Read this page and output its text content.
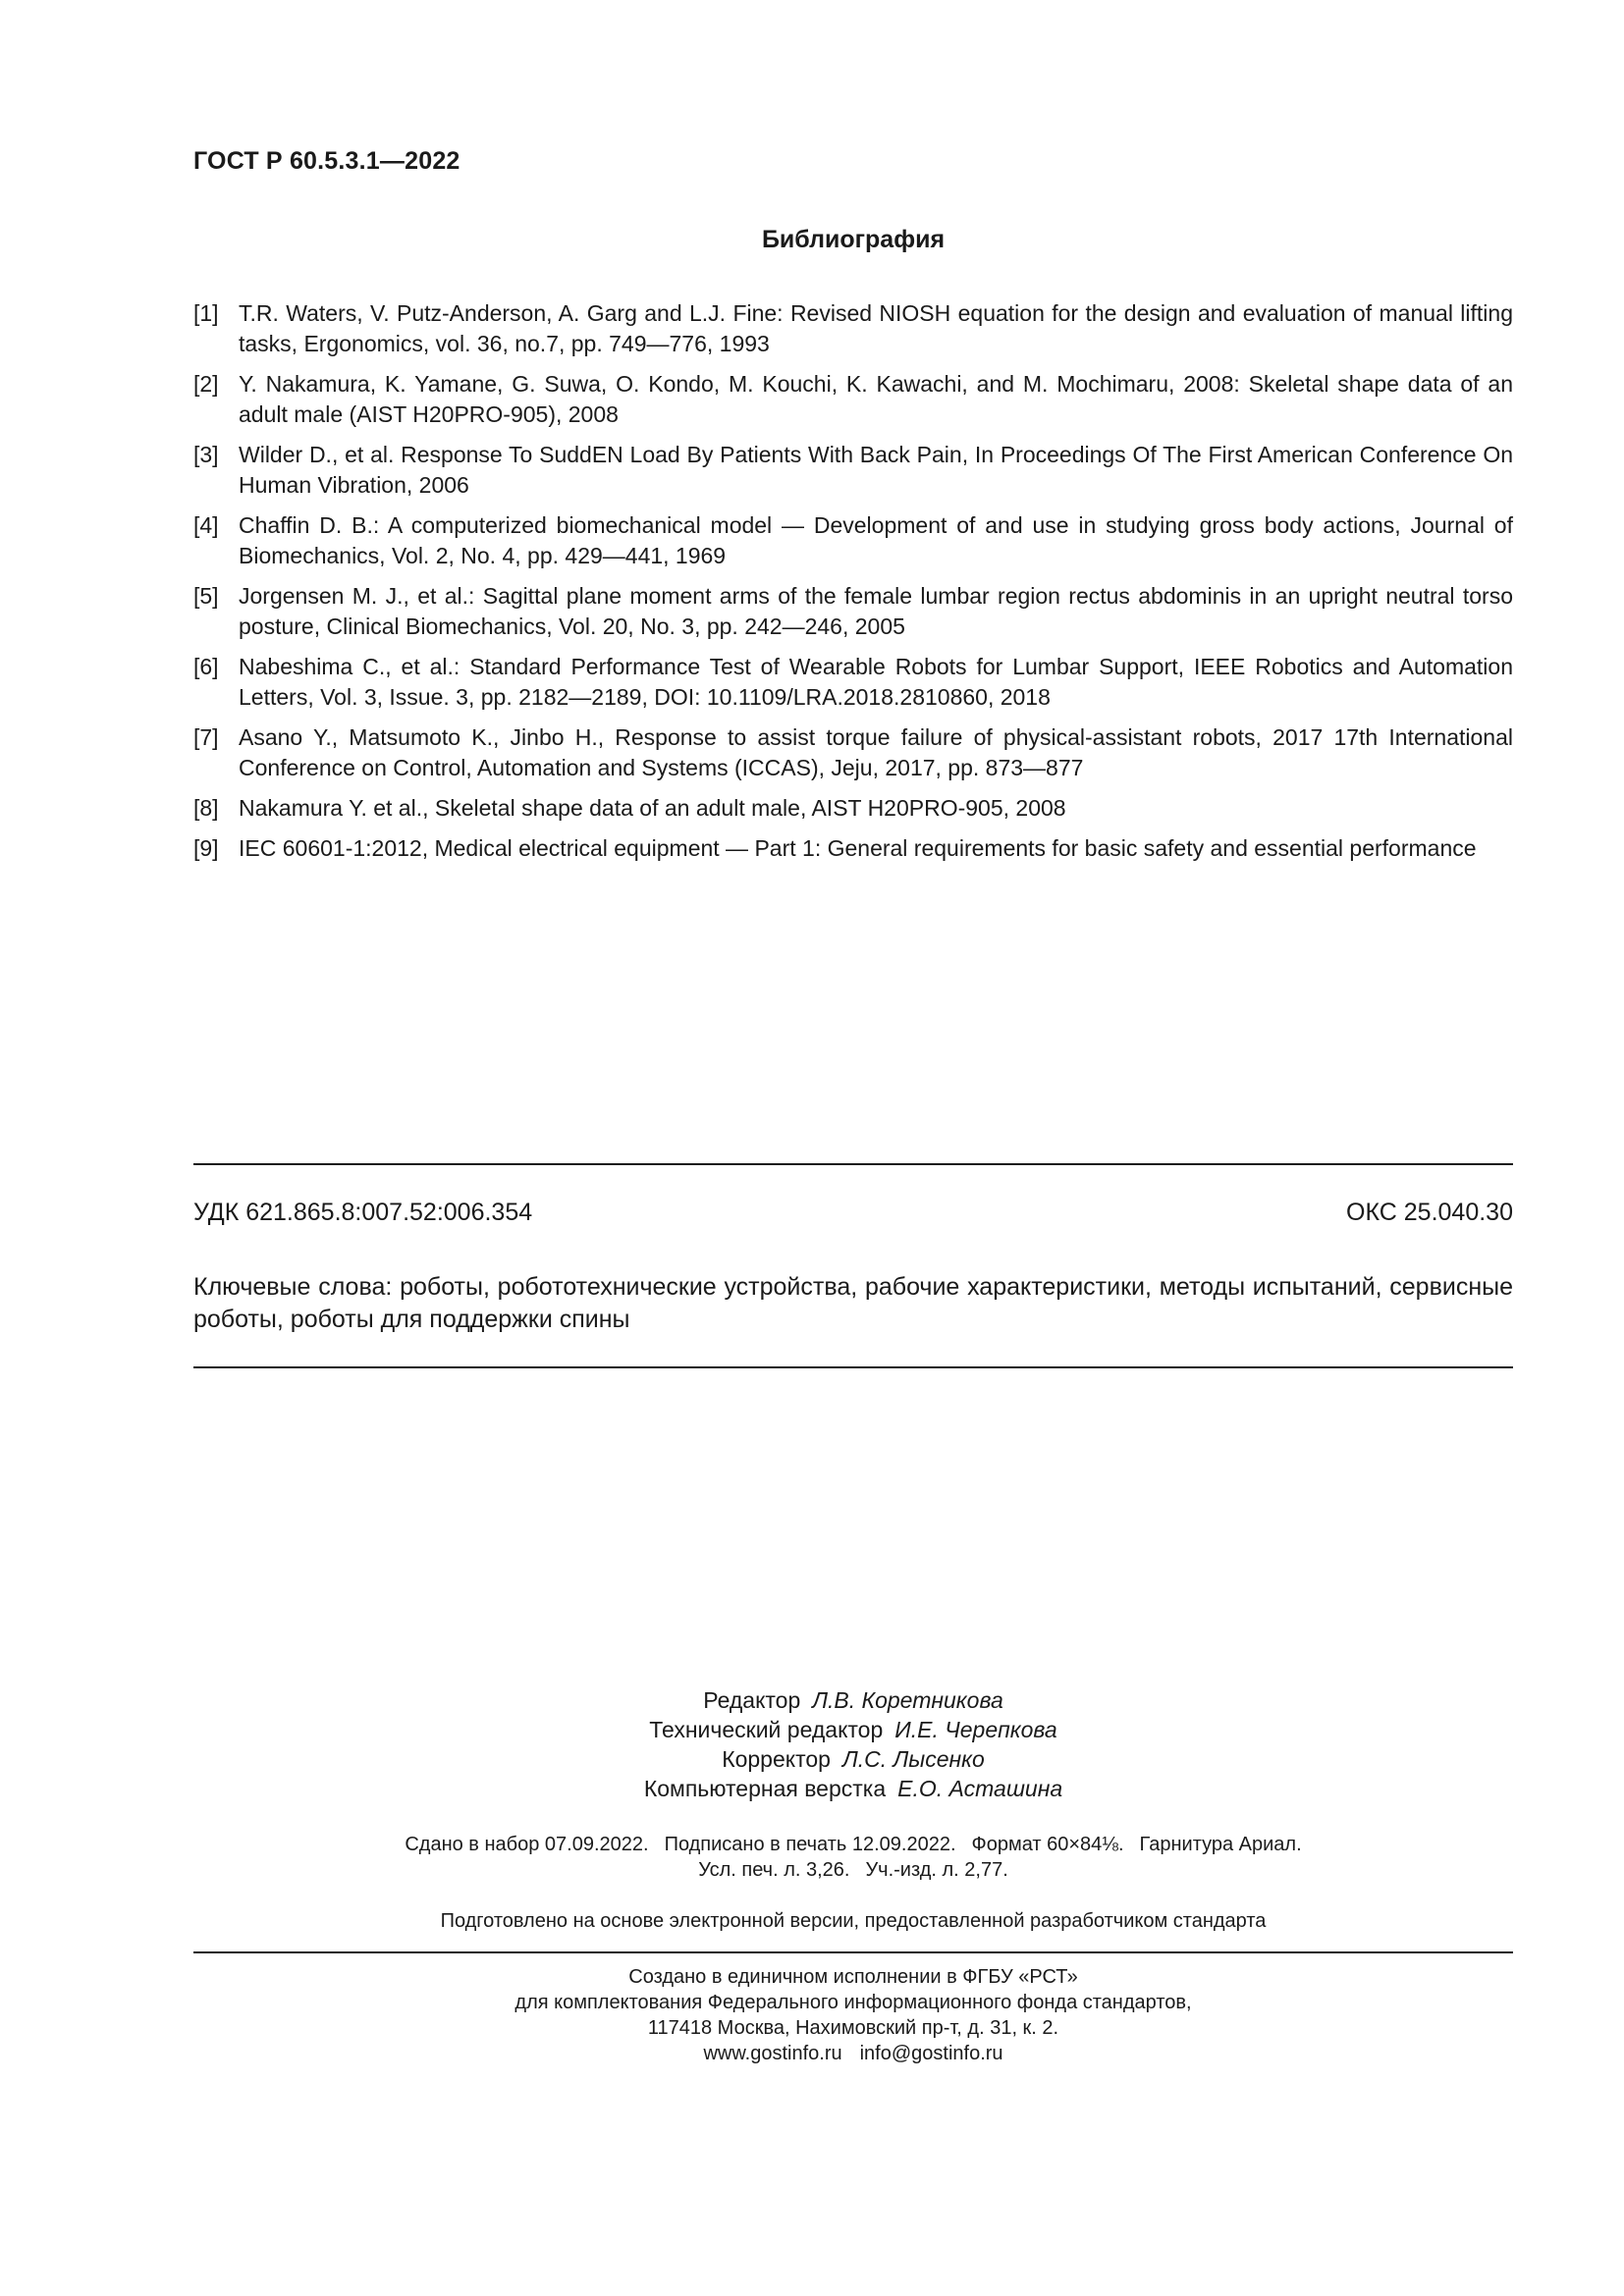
ГОСТ Р 60.5.3.1—2022
Библиография
[1] T.R. Waters, V. Putz-Anderson, A. Garg and L.J. Fine: Revised NIOSH equation for the design and evaluation of manual lifting tasks, Ergonomics, vol. 36, no.7, pp. 749—776, 1993
[2] Y. Nakamura, K. Yamane, G. Suwa, O. Kondo, M. Kouchi, K. Kawachi, and M. Mochimaru, 2008: Skeletal shape data of an adult male (AIST H20PRO-905), 2008
[3] Wilder D., et al. Response To SuddEN Load By Patients With Back Pain, In Proceedings Of The First American Conference On Human Vibration, 2006
[4] Chaffin D. B.: A computerized biomechanical model — Development of and use in studying gross body actions, Journal of Biomechanics, Vol. 2, No. 4, pp. 429—441, 1969
[5] Jorgensen M. J., et al.: Sagittal plane moment arms of the female lumbar region rectus abdominis in an upright neutral torso posture, Clinical Biomechanics, Vol. 20, No. 3, pp. 242—246, 2005
[6] Nabeshima C., et al.: Standard Performance Test of Wearable Robots for Lumbar Support, IEEE Robotics and Automation Letters, Vol. 3, Issue. 3, pp. 2182—2189, DOI: 10.1109/LRA.2018.2810860, 2018
[7] Asano Y., Matsumoto K., Jinbo H., Response to assist torque failure of physical-assistant robots, 2017 17th International Conference on Control, Automation and Systems (ICCAS), Jeju, 2017, pp. 873—877
[8] Nakamura Y. et al., Skeletal shape data of an adult male, AIST H20PRO-905, 2008
[9] IEC 60601-1:2012, Medical electrical equipment — Part 1: General requirements for basic safety and essential performance
УДК 621.865.8:007.52:006.354	ОКС 25.040.30
Ключевые слова: роботы, робототехнические устройства, рабочие характеристики, методы испытаний, сервисные роботы, роботы для поддержки спины
Редактор Л.В. Коретникова
Технический редактор И.Е. Черепкова
Корректор Л.С. Лысенко
Компьютерная верстка Е.О. Асташина
Сдано в набор 07.09.2022. Подписано в печать 12.09.2022. Формат 60×84⅛. Гарнитура Ариал.
Усл. печ. л. 3,26. Уч.-изд. л. 2,77.
Подготовлено на основе электронной версии, предоставленной разработчиком стандарта
Создано в единичном исполнении в ФГБУ «РСТ»
для комплектования Федерального информационного фонда стандартов,
117418 Москва, Нахимовский пр-т, д. 31, к. 2.
www.gostinfo.ru info@gostinfo.ru
